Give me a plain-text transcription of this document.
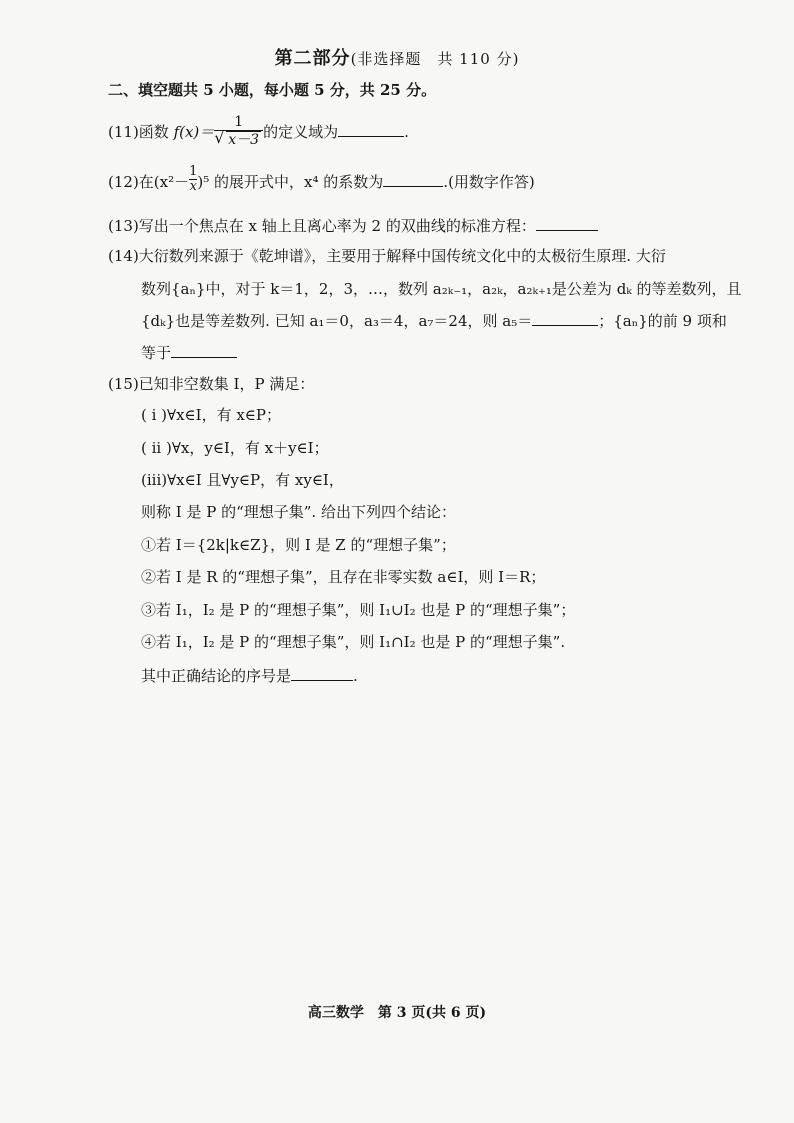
第二部分(非选择题　共 110 分)
二、填空题共 5 小题，每小题 5 分，共 25 分。
(11)函数 f(x)＝ 1
√ x－3 的定义域为	.
(12)在$(x^2- \frac{1}{x} )^5$ 的展开式中，x⁴ 的系数为	.(用数字作答)
(13)写出一个焦点在 x 轴上且离心率为 2 的双曲线的标准方程：
(14)大衍数列来源于《乾坤谱》，主要用于解释中国传统文化中的太极衍生原理. 大衍
数列{aₙ}中，对于 k＝1，2，3，…，数列 a₂ₖ₋₁，a₂ₖ，a₂ₖ₊₁是公差为 dₖ 的等差数列，且
{dₖ}也是等差数列. 已知 a₁＝0，a₃＝4，a₇＝24，则 a₅＝	；{aₙ}的前 9 项和
等于
(15)已知非空数集 I，P 满足：
( i )∀x∈I，有 x∈P；
( ii )∀x，y∈I，有 x＋y∈I；
(iii)∀x∈I 且∀y∈P，有 xy∈I，
则称 I 是 P 的“理想子集”. 给出下列四个结论：
①若 I＝{2k|k∈Z}，则 I 是 Z 的“理想子集”；
②若 I 是 R 的“理想子集”，且存在非零实数 a∈I，则 I＝R；
③若 I₁，I₂ 是 P 的“理想子集”，则 I₁∪I₂ 也是 P 的“理想子集”；
④若 I₁，I₂ 是 P 的“理想子集”，则 I₁∩I₂ 也是 P 的“理想子集”.
其中正确结论的序号是	.
高三数学　第 3 页(共 6 页)
